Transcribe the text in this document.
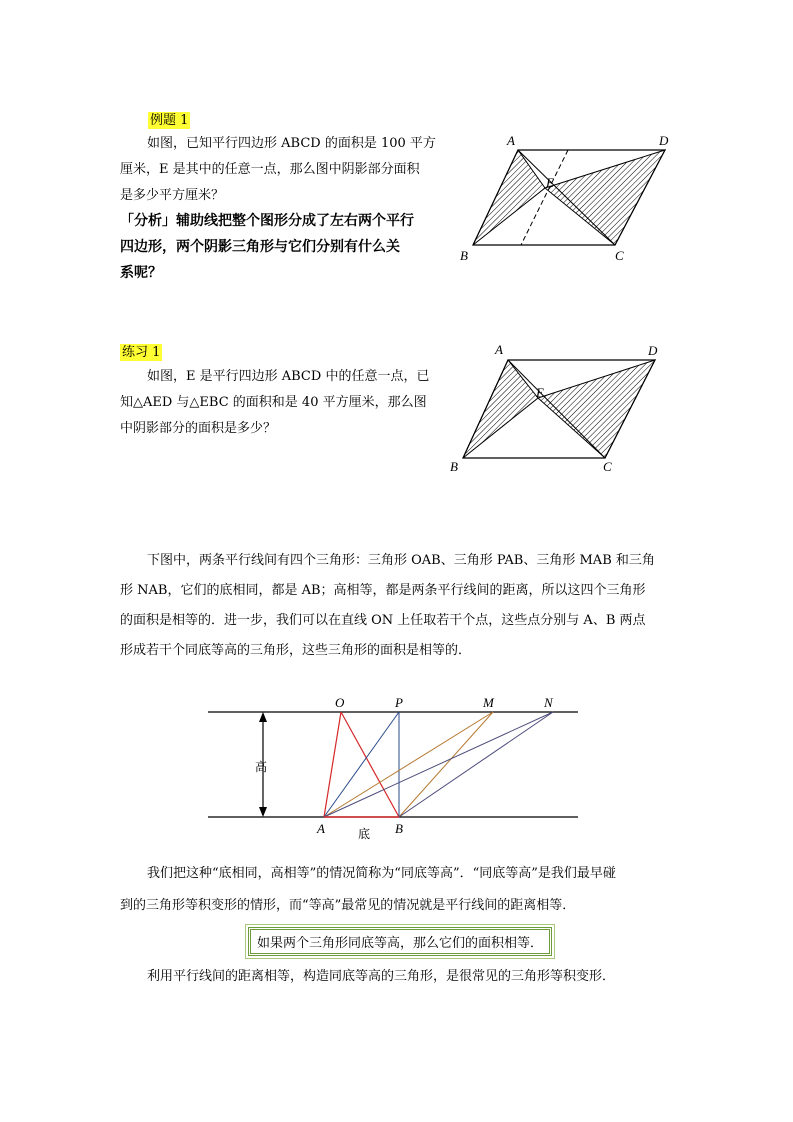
例题 1
如图，已知平行四边形 ABCD 的面积是 100 平方
厘米，E 是其中的任意一点，那么图中阴影部分面积
是多少平方厘米？
「分析」辅助线把整个图形分成了左右两个平行
四边形，两个阴影三角形与它们分别有什么关
系呢？
A	D
E
B	C
练习 1
如图，E 是平行四边形 ABCD 中的任意一点，已
知△AED 与△EBC 的面积和是 40 平方厘米，那么图
中阴影部分的面积是多少？
A	D
E
B	C
下图中，两条平行线间有四个三角形：三角形 OAB、三角形 PAB、三角形 MAB 和三角
形 NAB，它们的底相同，都是 AB；高相等，都是两条平行线间的距离，所以这四个三角形
的面积是相等的．进一步，我们可以在直线 ON 上任取若干个点，这些点分别与 A、B 两点
形成若干个同底等高的三角形，这些三角形的面积是相等的．
高
O	P	M	N
A	B
底
我们把这种“底相同，高相等”的情况简称为“同底等高”．“同底等高”是我们最早碰
到的三角形等积变形的情形，而“等高”最常见的情况就是平行线间的距离相等．
如果两个三角形同底等高，那么它们的面积相等．
利用平行线间的距离相等，构造同底等高的三角形，是很常见的三角形等积变形．
